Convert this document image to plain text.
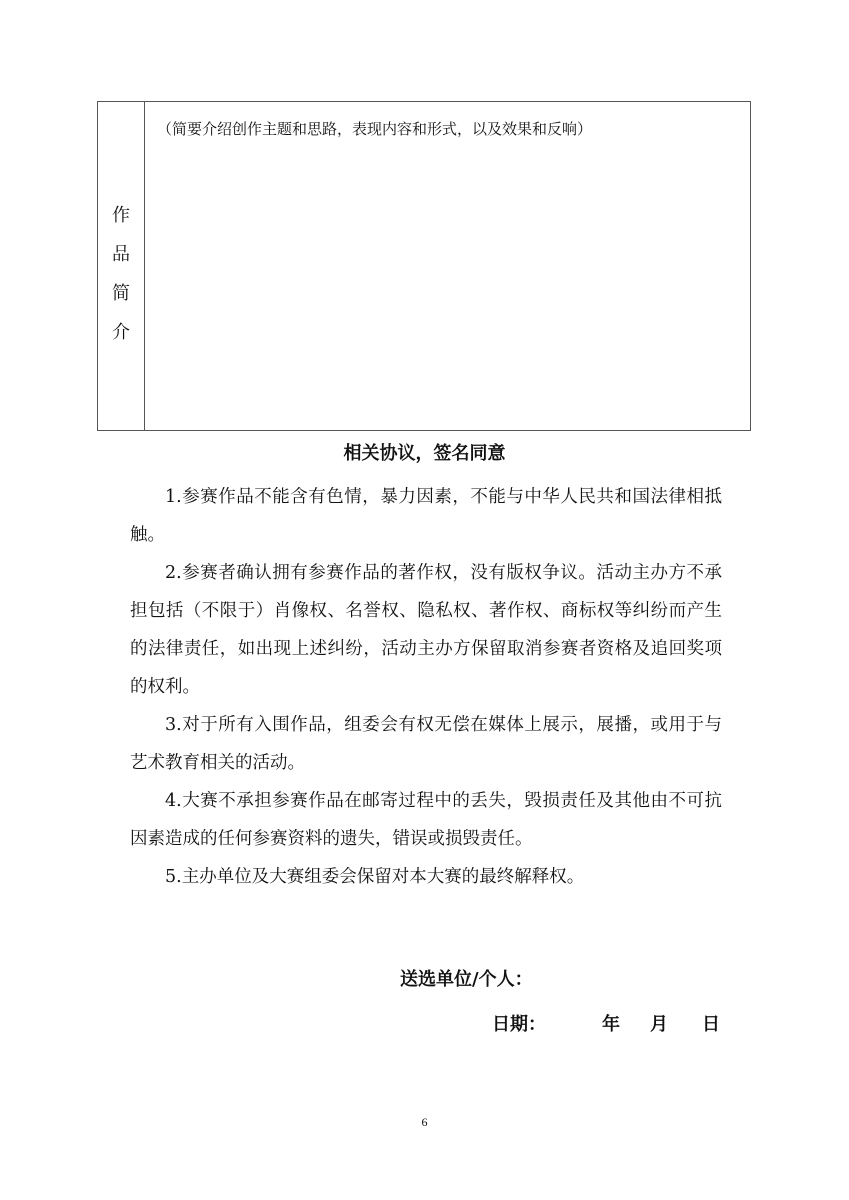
作
品
简
介
（简要介绍创作主题和思路，表现内容和形式，以及效果和反响）
相关协议，签名同意

1.参赛作品不能含有色情，暴力因素，不能与中华人民共和国法律相抵触。

2.参赛者确认拥有参赛作品的著作权，没有版权争议。活动主办方不承担包括（不限于）肖像权、名誉权、隐私权、著作权、商标权等纠纷而产生的法律责任，如出现上述纠纷，活动主办方保留取消参赛者资格及追回奖项的权利。

3.对于所有入围作品，组委会有权无偿在媒体上展示，展播，或用于与艺术教育相关的活动。

4.大赛不承担参赛作品在邮寄过程中的丢失，毁损责任及其他由不可抗因素造成的任何参赛资料的遗失，错误或损毁责任。

5.主办单位及大赛组委会保留对本大赛的最终解释权。

送选单位/个人：
日期：	年 月 日
6
